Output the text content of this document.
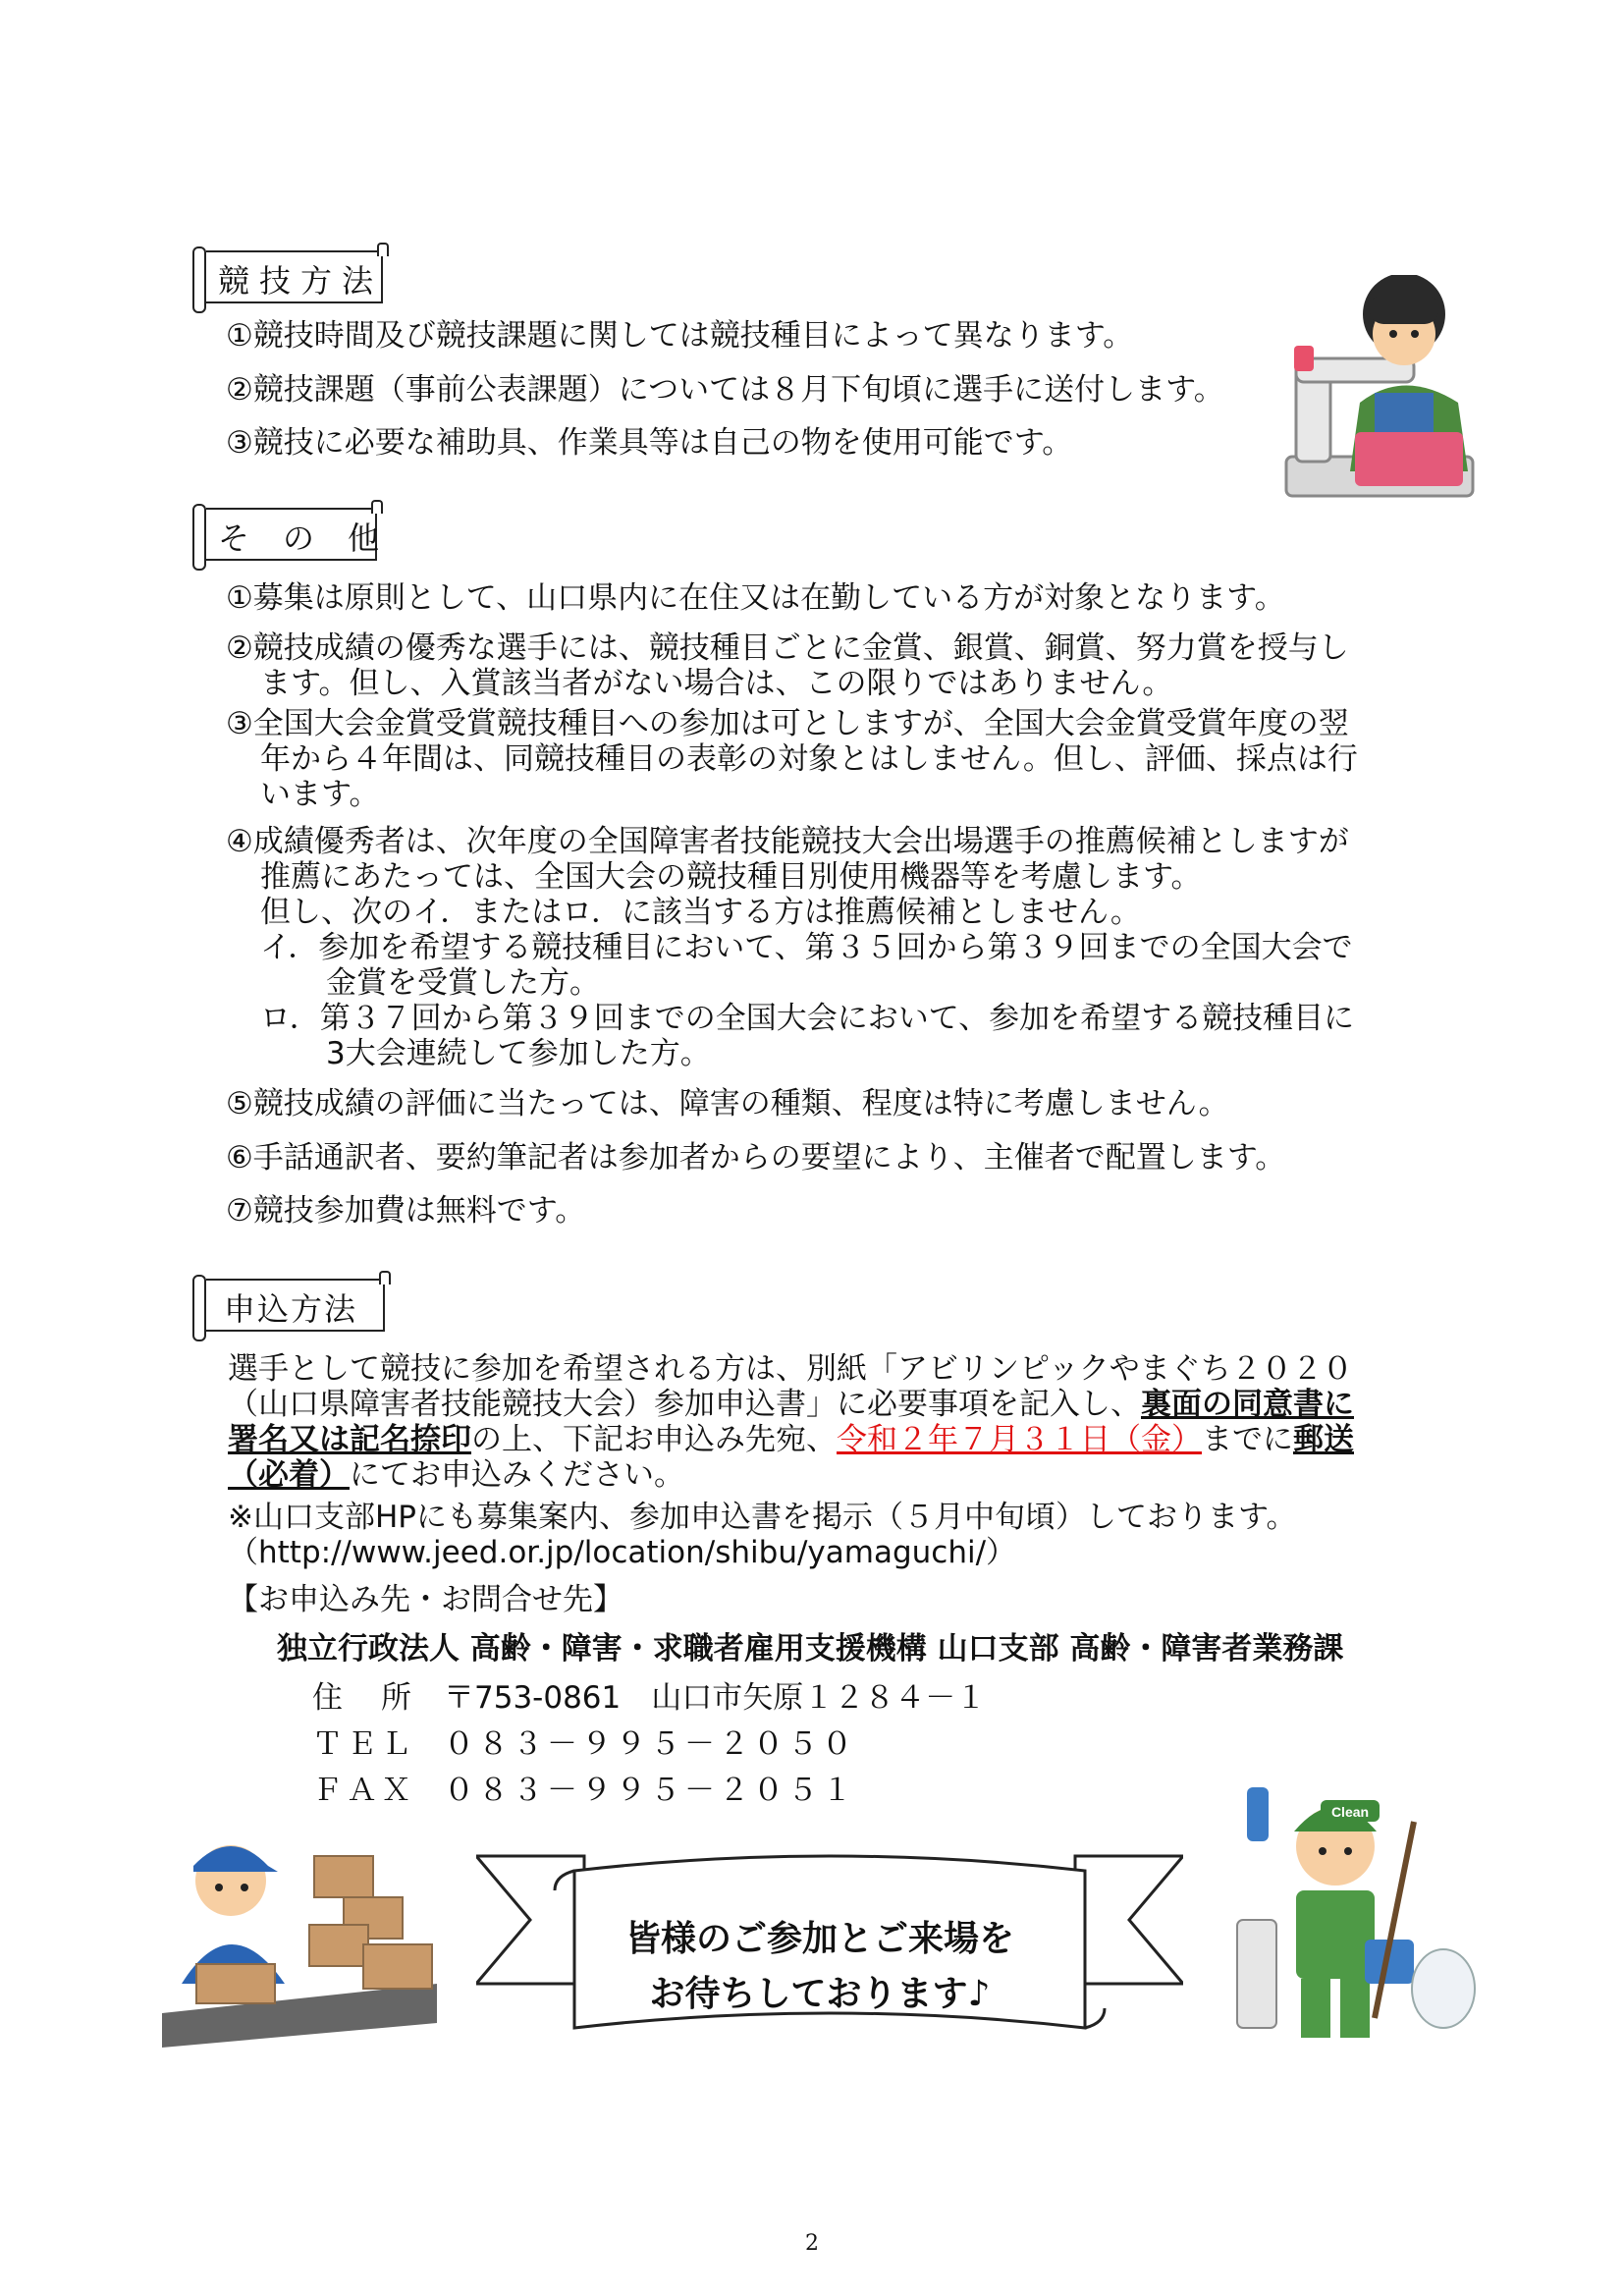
競技方法
①競技時間及び競技課題に関しては競技種目によって異なります。
②競技課題（事前公表課題）については８月下旬頃に選手に送付します。
③競技に必要な補助具、作業具等は自己の物を使用可能です。
その他
①募集は原則として、山口県内に在住又は在勤している方が対象となります。
②競技成績の優秀な選手には、競技種目ごとに金賞、銀賞、銅賞、努力賞を授与し
ます。但し、入賞該当者がない場合は、この限りではありません。
③全国大会金賞受賞競技種目への参加は可としますが、全国大会金賞受賞年度の翌
年から４年間は、同競技種目の表彰の対象とはしません。但し、評価、採点は行
います。
④成績優秀者は、次年度の全国障害者技能競技大会出場選手の推薦候補としますが
推薦にあたっては、全国大会の競技種目別使用機器等を考慮します。
但し、次のイ．またはロ．に該当する方は推薦候補としません。
イ．参加を希望する競技種目において、第３５回から第３９回までの全国大会で
金賞を受賞した方。
ロ．第３７回から第３９回までの全国大会において、参加を希望する競技種目に
3大会連続して参加した方。
⑤競技成績の評価に当たっては、障害の種類、程度は特に考慮しません。
⑥手話通訳者、要約筆記者は参加者からの要望により、主催者で配置します。
⑦競技参加費は無料です。
申込方法
選手として競技に参加を希望される方は、別紙「アビリンピックやまぐち２０２０
（山口県障害者技能競技大会）参加申込書」に必要事項を記入し、裏面の同意書に
署名又は記名捺印の上、下記お申込み先宛、令和２年７月３１日（金）までに郵送
（必着）にてお申込みください。
※山口支部HPにも募集案内、参加申込書を掲示（５月中旬頃）しております。
（http://www.jeed.or.jp/location/shibu/yamaguchi/）
【お申込み先・お問合せ先】
独立行政法人 高齢・障害・求職者雇用支援機構 山口支部 高齢・障害者業務課
住　所 〒753-0861　山口市矢原１２８４－１
ＴＥＬ ０８３－９９５－２０５０
ＦＡＸ ０８３－９９５－２０５１
皆様のご参加とご来場を
お待ちしております♪
Clean
2
